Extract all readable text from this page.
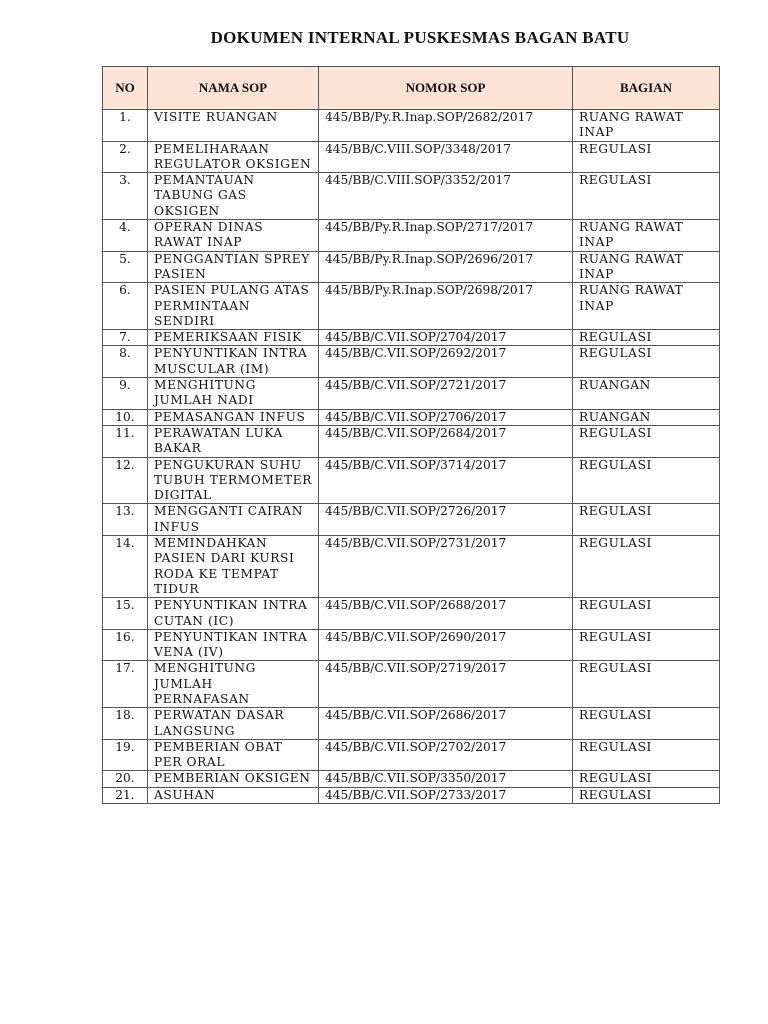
DOKUMEN INTERNAL PUSKESMAS BAGAN BATU
NO	NAMA SOP	NOMOR SOP	BAGIAN
1.	VISITE RUANGAN	445/BB/Py.R.Inap.SOP/2682/2017	RUANG RAWAT INAP
2.	PEMELIHARAAN REGULATOR OKSIGEN	445/BB/C.VIII.SOP/3348/2017	REGULASI
3.	PEMANTAUAN TABUNG GAS OKSIGEN	445/BB/C.VIII.SOP/3352/2017	REGULASI
4.	OPERAN DINAS RAWAT INAP	445/BB/Py.R.Inap.SOP/2717/2017	RUANG RAWAT INAP
5.	PENGGANTIAN SPREY PASIEN	445/BB/Py.R.Inap.SOP/2696/2017	RUANG RAWAT INAP
6.	PASIEN PULANG ATAS PERMINTAAN SENDIRI	445/BB/Py.R.Inap.SOP/2698/2017	RUANG RAWAT INAP
7.	PEMERIKSAAN FISIK	445/BB/C.VII.SOP/2704/2017	REGULASI
8.	PENYUNTIKAN INTRA MUSCULAR (IM)	445/BB/C.VII.SOP/2692/2017	REGULASI
9.	MENGHITUNG JUMLAH NADI	445/BB/C.VII.SOP/2721/2017	RUANGAN
10.	PEMASANGAN INFUS	445/BB/C.VII.SOP/2706/2017	RUANGAN
11.	PERAWATAN LUKA BAKAR	445/BB/C.VII.SOP/2684/2017	REGULASI
12.	PENGUKURAN SUHU TUBUH TERMOMETER DIGITAL	445/BB/C.VII.SOP/3714/2017	REGULASI
13.	MENGGANTI CAIRAN INFUS	445/BB/C.VII.SOP/2726/2017	REGULASI
14.	MEMINDAHKAN PASIEN DARI KURSI RODA KE TEMPAT TIDUR	445/BB/C.VII.SOP/2731/2017	REGULASI
15.	PENYUNTIKAN INTRA CUTAN (IC)	445/BB/C.VII.SOP/2688/2017	REGULASI
16.	PENYUNTIKAN INTRA VENA (IV)	445/BB/C.VII.SOP/2690/2017	REGULASI
17.	MENGHITUNG JUMLAH PERNAFASAN	445/BB/C.VII.SOP/2719/2017	REGULASI
18.	PERWATAN DASAR LANGSUNG	445/BB/C.VII.SOP/2686/2017	REGULASI
19.	PEMBERIAN OBAT PER ORAL	445/BB/C.VII.SOP/2702/2017	REGULASI
20.	PEMBERIAN OKSIGEN	445/BB/C.VII.SOP/3350/2017	REGULASI
21.	ASUHAN	445/BB/C.VII.SOP/2733/2017	REGULASI
